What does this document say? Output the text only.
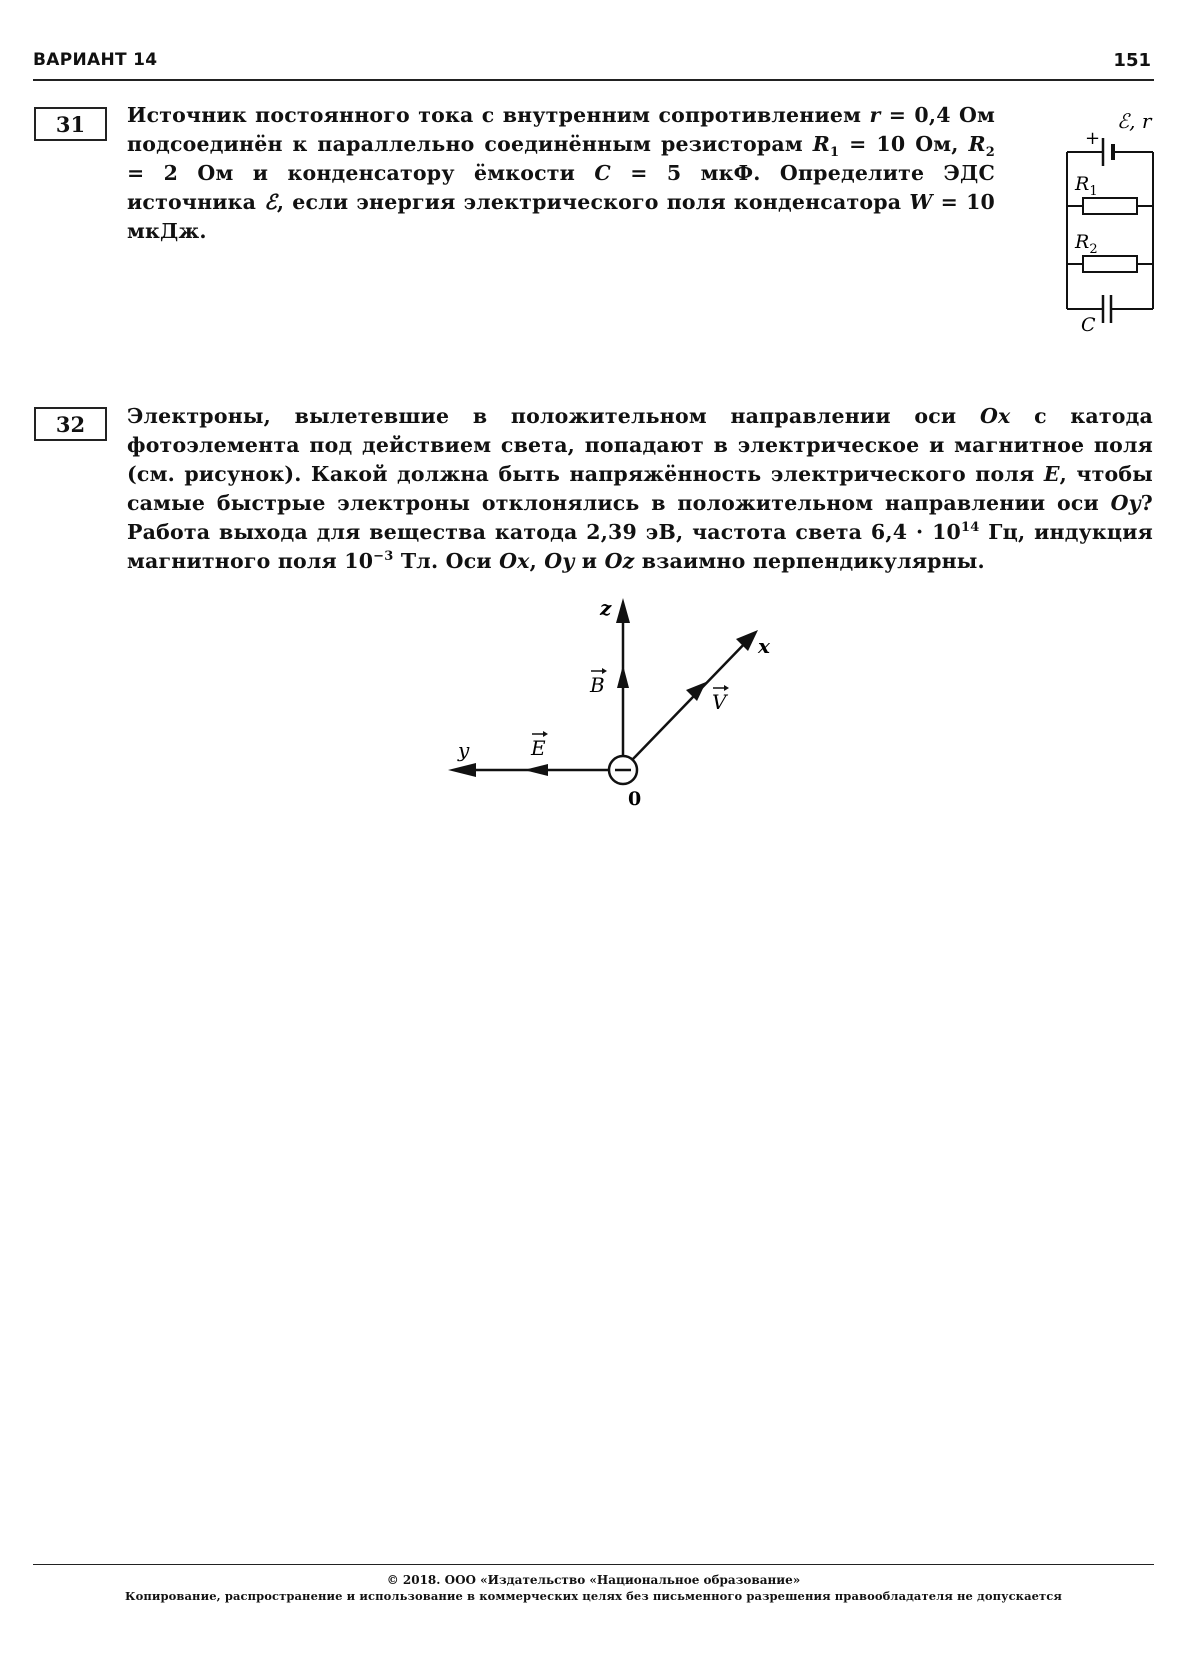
ВАРИАНТ 14	151
31	Источник постоянного тока с внутренним сопротивлением r = 0,4 Ом подсоединён к параллельно соединённым резисторам $R_1 = 10$ Ом, $R_2 = 2$ Ом и конденсатору ёмкости C = 5 мкФ. Определите ЭДС источника ℰ, если энергия электрического поля конденсатора W = 10 мкДж.
ℰ, r
+
$R_1$
$R_2$
C
32	Электроны, вылетевшие в положительном направлении оси Ox с катода фотоэлемента под действием света, попадают в электрическое и магнитное поля (см. рисунок). Какой должна быть напряжённость электрического поля E, чтобы самые быстрые электроны отклонялись в положительном направлении оси Oy? Работа выхода для вещества катода 2,39 эВ, частота света $6,4 \cdot 10^{14}$ Гц, индукция магнитного поля $10^{-3}$ Тл. Оси Ox, Oy и Oz взаимно перпендикулярны.
z
x
y
B
V
E
0
© 2018. ООО «Издательство «Национальное образование»
Копирование, распространение и использование в коммерческих целях без письменного разрешения правообладателя не допускается
